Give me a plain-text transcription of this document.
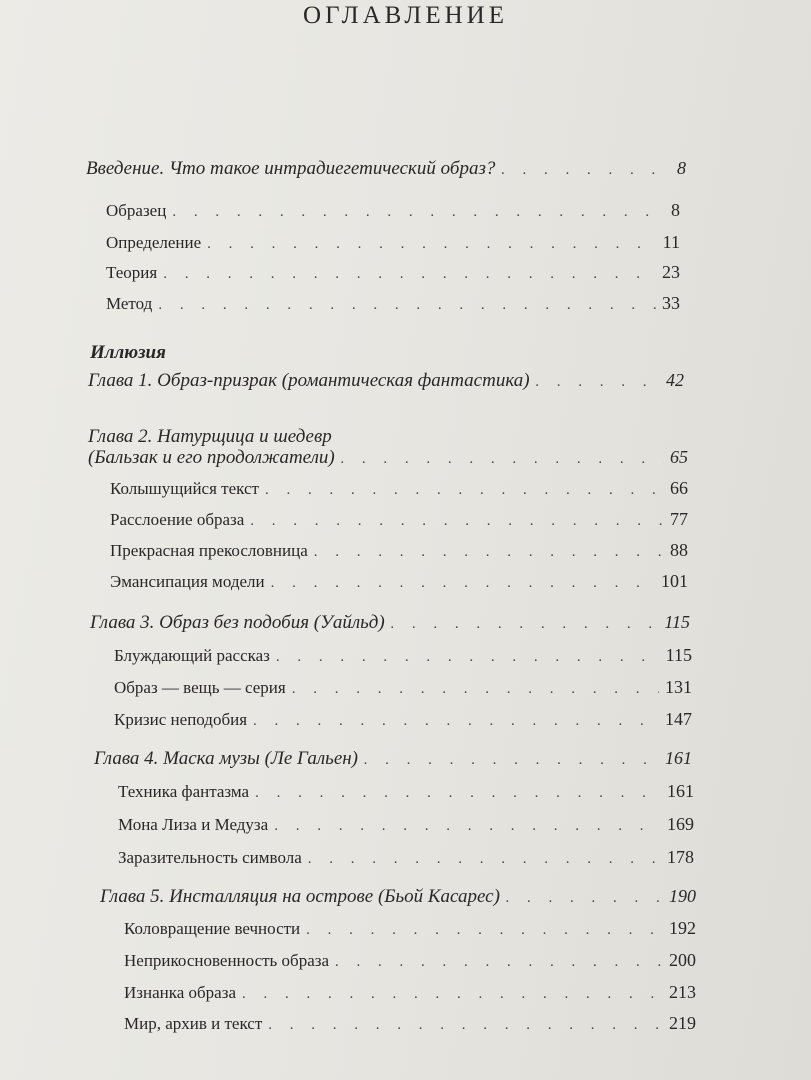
ОГЛАВЛЕНИЕ
Введение. Что такое интрадиегетический образ? . . .	8
Образец . . .	8
Определение . . .	11
Теория . . .	23
Метод . . .	33
Иллюзия
Глава 1. Образ-призрак (романтическая фантастика) . . .	42
Глава 2. Натурщица и шедевр
(Бальзак и его продолжатели) . . .	65
Колышущийся текст . . .	66
Расслоение образа . . .	77
Прекрасная прекословница . . .	88
Эмансипация модели . . .	101
Глава 3. Образ без подобия (Уайльд) . . .	115
Блуждающий рассказ . . .	115
Образ — вещь — серия . . .	131
Кризис неподобия . . .	147
Глава 4. Маска музы (Ле Гальен) . . .	161
Техника фантазма . . .	161
Мона Лиза и Медуза . . .	169
Заразительность символа . . .	178
Глава 5. Инсталляция на острове (Бьой Касарес) . . .	190
Коловращение вечности . . .	192
Неприкосновенность образа . . .	200
Изнанка образа . . .	213
Мир, архив и текст . . .	219
